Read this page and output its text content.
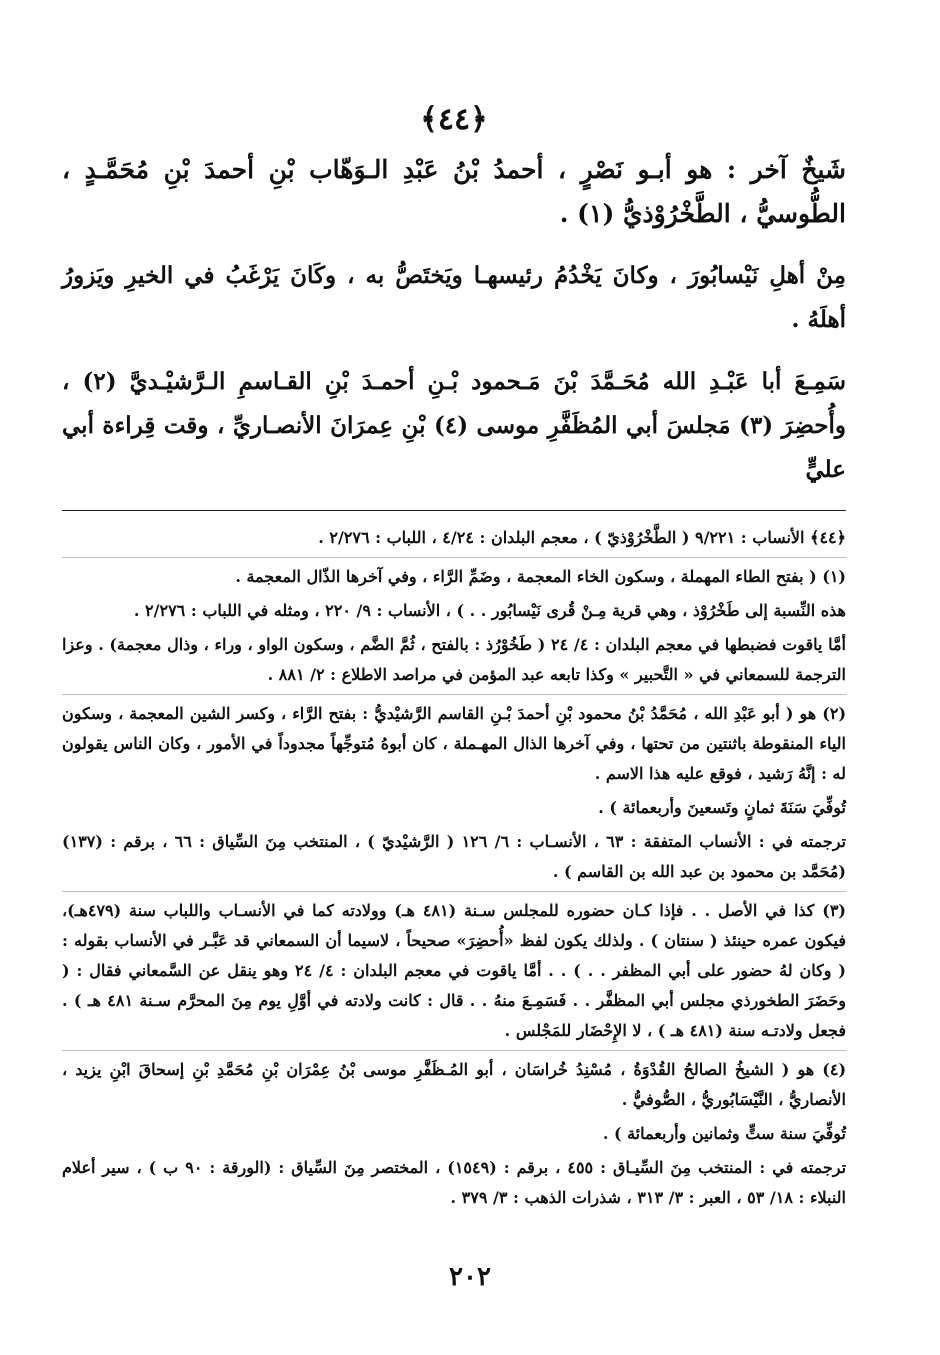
﴿٤٤﴾

شَيخٌ آخر : هو أبـو نَصْرٍ ، أحمدُ بْنُ عَبْدِ الـوَهّاب بْنِ أحمدَ بْنِ مُحَمَّـدٍ ، الطُّوسيُّ ، الطَّخْرُوْذيُّ (١) .

مِنْ أهلِ نَيْسابُورَ ، وكانَ يَخْدُمُ رئيسهـا ويَختَصُّ به ، وكَانَ يَرْغَبُ في الخيرِ ويَزورُ أهلَهُ .

سَمِـعَ أبا عَبْـدِ الله مُحَـمَّدَ بْنَ مَـحمود بْـنِ أحمـدَ بْنِ القـاسمِ الـرَّشيْـديَّ (٢) ، وأُحضِرَ (٣) مَجلسَ أبي المُظَفَّرِ موسى (٤) بْنِ عِمرَانَ الأنصـاريِّ ، وقت قِراءة أبي عليٍّ

﴿٤٤﴾ الأنساب : ٩/٢٢١ ( الطَّخْرُوْذيّ ) ، معجم البلدان : ٤/٢٤ ، اللباب : ٢/٢٧٦ .

(١) ( بفتح الطاء المهملة ، وسكون الخاء المعجمة ، وضَمِّ الرَّاء ، وفي آخرها الذّال المعجمة .

هذه النِّسبة إلى طَخْرُوْذ ، وهي قرية مِـنْ قُرى نَيْسابُور . . ) ، الأنساب : ٩/ ٢٢٠ ، ومثله في اللباب : ٢/٢٧٦ .

أمَّا ياقوت فضبطها في معجم البلدان : ٤/ ٢٤ ( طَخُوْرُذ : بالفتح ، ثُمَّ الضَّم ، وسكون الواو ، وراء ، وذال معجمة) . وعزا الترجمة للسمعاني في « التَّحبير » وكذا تابعه عبد المؤمن في مراصد الاطلاع : ٢/ ٨٨١ .

(٢) هو ( أبو عَبْدِ الله ، مُحَمَّدُ بْنُ محمود بْنِ أحمدَ بْـنِ القاسم الرَّشيْديُّ : بفتح الرَّاء ، وكسر الشين المعجمة ، وسكون الياء المنقوطة باثنتين من تحتها ، وفي آخرها الذال المهـملة ، كان أبوهُ مُتوجِّهاً مجدوداً في الأمور ، وكان الناس يقولون له : إنَّهُ رَشيد ، فوقع عليه هذا الاسم .

تُوفِّيَ سَنَةَ ثمانٍ وتَسعينَ وأربعمائة ) .

ترجمته في : الأنساب المتفقة : ٦٣ ، الأنسـاب : ٦/ ١٢٦ ( الرَّشيْديّ ) ، المنتخب مِنَ السِّياق : ٦٦ ، برقم : (١٣٧) (مُحَمَّد بن محمود بن عبد الله بن القاسم ) .

(٣) كذا في الأصل . . فإذا كـان حضوره للمجلس سـنة (٤٨١ هـ) وولادته كما في الأنسـاب واللباب سنة (٤٧٩هـ)، فيكون عمره حينئذ ( سنتان ) . ولذلك يكون لفظ «أُحضِرَ» صحيحاً ، لاسيما أن السمعاني قد عَبَّـر في الأنساب بقوله : ( وكان لهُ حضور على أبي المظفر . . ) . . أمَّا ياقوت في معجم البلدان : ٤/ ٢٤ وهو ينقل عن السَّمعاني فقال : ( وحَضَرَ الطخورذي مجلس أبي المظفَّر . . فَسَمِـعَ منهُ . . قال : كانت ولادته في أوَّلِ يوم مِنَ المحرَّم سـنة ٤٨١ هـ ) . فجعل ولادتـه سنة (٤٨١ هـ ) ، لا الإِحْضَار للمَجْلس .

(٤) هو ( الشيخُ الصالحُ القُدْوَةُ ، مُسْنِدُ خُراسَان ، أبو المُـظَفَّرِ موسى بْنُ عِمْرَان بْنِ مُحَمَّدِ بْنِ إسحاقَ ابْنِ يزيد ، الأنصاريُّ ، النَّيْسَابُوريُّ ، الصُّوفيُّ .

تُوفِّيَ سنة ستٍّ وثمانين وأربعمائة ) .

ترجمته في : المنتخب مِنَ السِّيـاق : ٤٥٥ ، برقم : (١٥٤٩) ، المختصر مِنَ السِّياق : (الورقة : ٩٠ ب ) ، سير أعلام النبلاء : ١٨/ ٥٣ ، العبر : ٣/ ٣١٣ ، شذرات الذهب : ٣/ ٣٧٩ .

٢٠٢
